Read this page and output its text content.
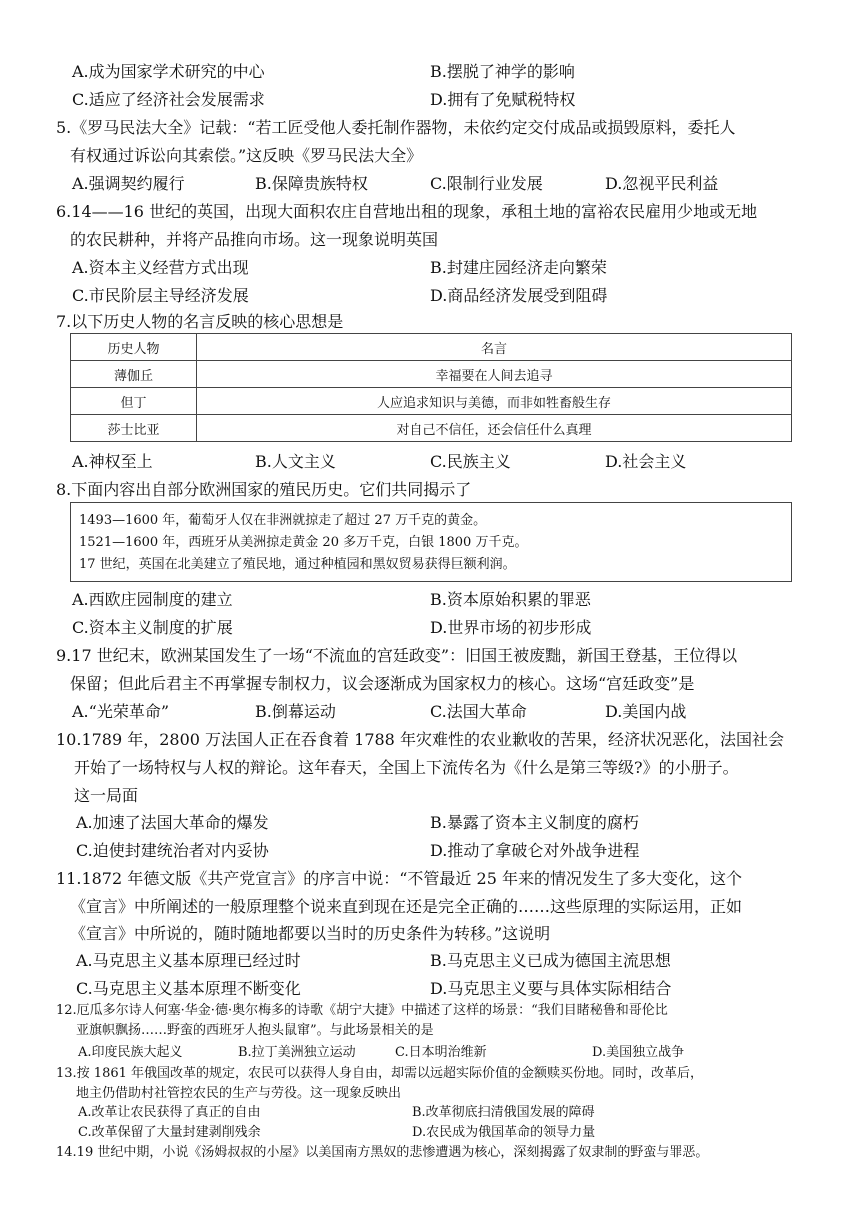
A.成为国家学术研究的中心	B.摆脱了神学的影响
C.适应了经济社会发展需求	D.拥有了免赋税特权
5.《罗马民法大全》记载：“若工匠受他人委托制作器物，未依约定交付成品或损毁原料，委托人
有权通过诉讼向其索偿。”这反映《罗马民法大全》
A.强调契约履行	B.保障贵族特权	C.限制行业发展	D.忽视平民利益
6.14——16 世纪的英国，出现大面积农庄自营地出租的现象，承租土地的富裕农民雇用少地或无地
的农民耕种，并将产品推向市场。这一现象说明英国
A.资本主义经营方式出现	B.封建庄园经济走向繁荣
C.市民阶层主导经济发展	D.商品经济发展受到阻碍
7.以下历史人物的名言反映的核心思想是
历史人物	名言
薄伽丘	幸福要在人间去追寻
但丁	人应追求知识与美德，而非如牲畜般生存
莎士比亚	对自己不信任，还会信任什么真理
A.神权至上	B.人文主义	C.民族主义	D.社会主义
8.下面内容出自部分欧洲国家的殖民历史。它们共同揭示了
1493—1600 年，葡萄牙人仅在非洲就掠走了超过 27 万千克的黄金。
1521—1600 年，西班牙从美洲掠走黄金 20 多万千克，白银 1800 万千克。
17 世纪，英国在北美建立了殖民地，通过种植园和黑奴贸易获得巨额利润。
A.西欧庄园制度的建立	B.资本原始积累的罪恶
C.资本主义制度的扩展	D.世界市场的初步形成
9.17 世纪末，欧洲某国发生了一场“不流血的宫廷政变”：旧国王被废黜，新国王登基，王位得以
保留；但此后君主不再掌握专制权力，议会逐渐成为国家权力的核心。这场“宫廷政变”是
A.“光荣革命”	B.倒幕运动	C.法国大革命	D.美国内战
10.1789 年，2800 万法国人正在吞食着 1788 年灾难性的农业歉收的苦果，经济状况恶化，法国社会
开始了一场特权与人权的辩论。这年春天，全国上下流传名为《什么是第三等级?》的小册子。
这一局面
A.加速了法国大革命的爆发	B.暴露了资本主义制度的腐朽
C.迫使封建统治者对内妥协	D.推动了拿破仑对外战争进程
11.1872 年德文版《共产党宣言》的序言中说：“不管最近 25 年来的情况发生了多大变化，这个
《宣言》中所阐述的一般原理整个说来直到现在还是完全正确的……这些原理的实际运用，正如
《宣言》中所说的，随时随地都要以当时的历史条件为转移。”这说明
A.马克思主义基本原理已经过时	B.马克思主义已成为德国主流思想
C.马克思主义基本原理不断变化	D.马克思主义要与具体实际相结合
12.厄瓜多尔诗人何塞·华金·德·奥尔梅多的诗歌《胡宁大捷》中描述了这样的场景：“我们目睹秘鲁和哥伦比
亚旗帜飘扬……野蛮的西班牙人抱头鼠窜”。与此场景相关的是
A.印度民族大起义	B.拉丁美洲独立运动	C.日本明治维新	D.美国独立战争
13.按 1861 年俄国改革的规定，农民可以获得人身自由，却需以远超实际价值的金额赎买份地。同时，改革后，
地主仍借助村社管控农民的生产与劳役。这一现象反映出
A.改革让农民获得了真正的自由	B.改革彻底扫清俄国发展的障碍
C.改革保留了大量封建剥削残余	D.农民成为俄国革命的领导力量
14.19 世纪中期，小说《汤姆叔叔的小屋》以美国南方黑奴的悲惨遭遇为核心，深刻揭露了奴隶制的野蛮与罪恶。
